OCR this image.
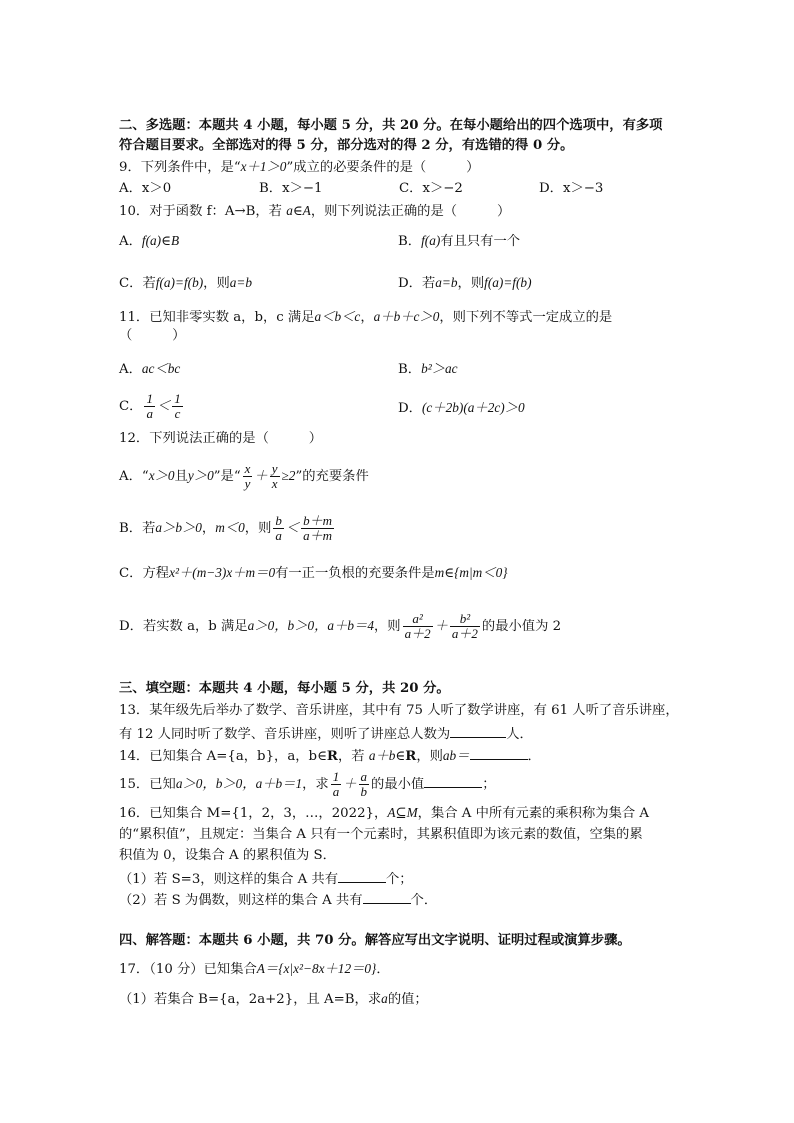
二、多选题：本题共 4 小题，每小题 5 分，共 20 分。在每小题给出的四个选项中，有多项
符合题目要求。全部选对的得 5 分，部分选对的得 2 分，有选错的得 0 分。
9．下列条件中，是“x＋1＞0”成立的必要条件的是（　　　）
A．x＞0	B．x＞−1	C．x＞−2	D．x＞−3
10．对于函数 f：A→B，若 a∈A，则下列说法正确的是（　　　）
A．f(a)∈B	B．f(a)有且只有一个
C．若f(a)=f(b)，则a=b	D．若a=b，则f(a)=f(b)
11．已知非零实数 a，b，c 满足a＜b＜c，a＋b＋c＞0，则下列不等式一定成立的是
（　　　）
A．ac＜bc	B．b²＞ac
C． $\frac{1}{a} < \frac{1}{c}$	D．(c＋2b)(a＋2c)＞0
12．下列说法正确的是（　　　）
A．“x＞0且y＞0”是“ $\frac{x}{y} + \frac{y}{x} \ge 2$”的充要条件
B．若a＞b＞0，m＜0，则 $\frac{b}{a} < \frac{b+m}{a+m}$
C．方程x²＋(m−3)x＋m＝0有一正一负根的充要条件是m∈{m|m＜0}
D．若实数 a，b 满足a＞0，b＞0，a＋b＝4，则 $\frac{\text{a²}}{a+2} + \frac{\text{b²}}{a+2}$ 的最小值为 2
三、填空题：本题共 4 小题，每小题 5 分，共 20 分。
13．某年级先后举办了数学、音乐讲座，其中有 75 人听了数学讲座，有 61 人听了音乐讲座，
有 12 人同时听了数学、音乐讲座，则听了讲座总人数为	人．
14．已知集合 A={a，b}，a，b∈R，若 a＋b∈R，则ab＝	．
15．已知a＞0，b＞0，a＋b＝1，求 $\frac{1}{a} + \frac{a}{b}$ 的最小值	；
16．已知集合 M={1，2，3，…，2022}，A⊆M，集合 A 中所有元素的乘积称为集合 A
的“累积值”，且规定：当集合 A 只有一个元素时，其累积值即为该元素的数值，空集的累
积值为 0，设集合 A 的累积值为 S．
（1）若 S=3，则这样的集合 A 共有	个；
（2）若 S 为偶数，则这样的集合 A 共有	个．
四、解答题：本题共 6 小题，共 70 分。解答应写出文字说明、证明过程或演算步骤。
17．（10 分）已知集合A＝{x|x²−8x＋12＝0}．
（1）若集合 B={a，2a+2}，且 A=B，求a的值；
